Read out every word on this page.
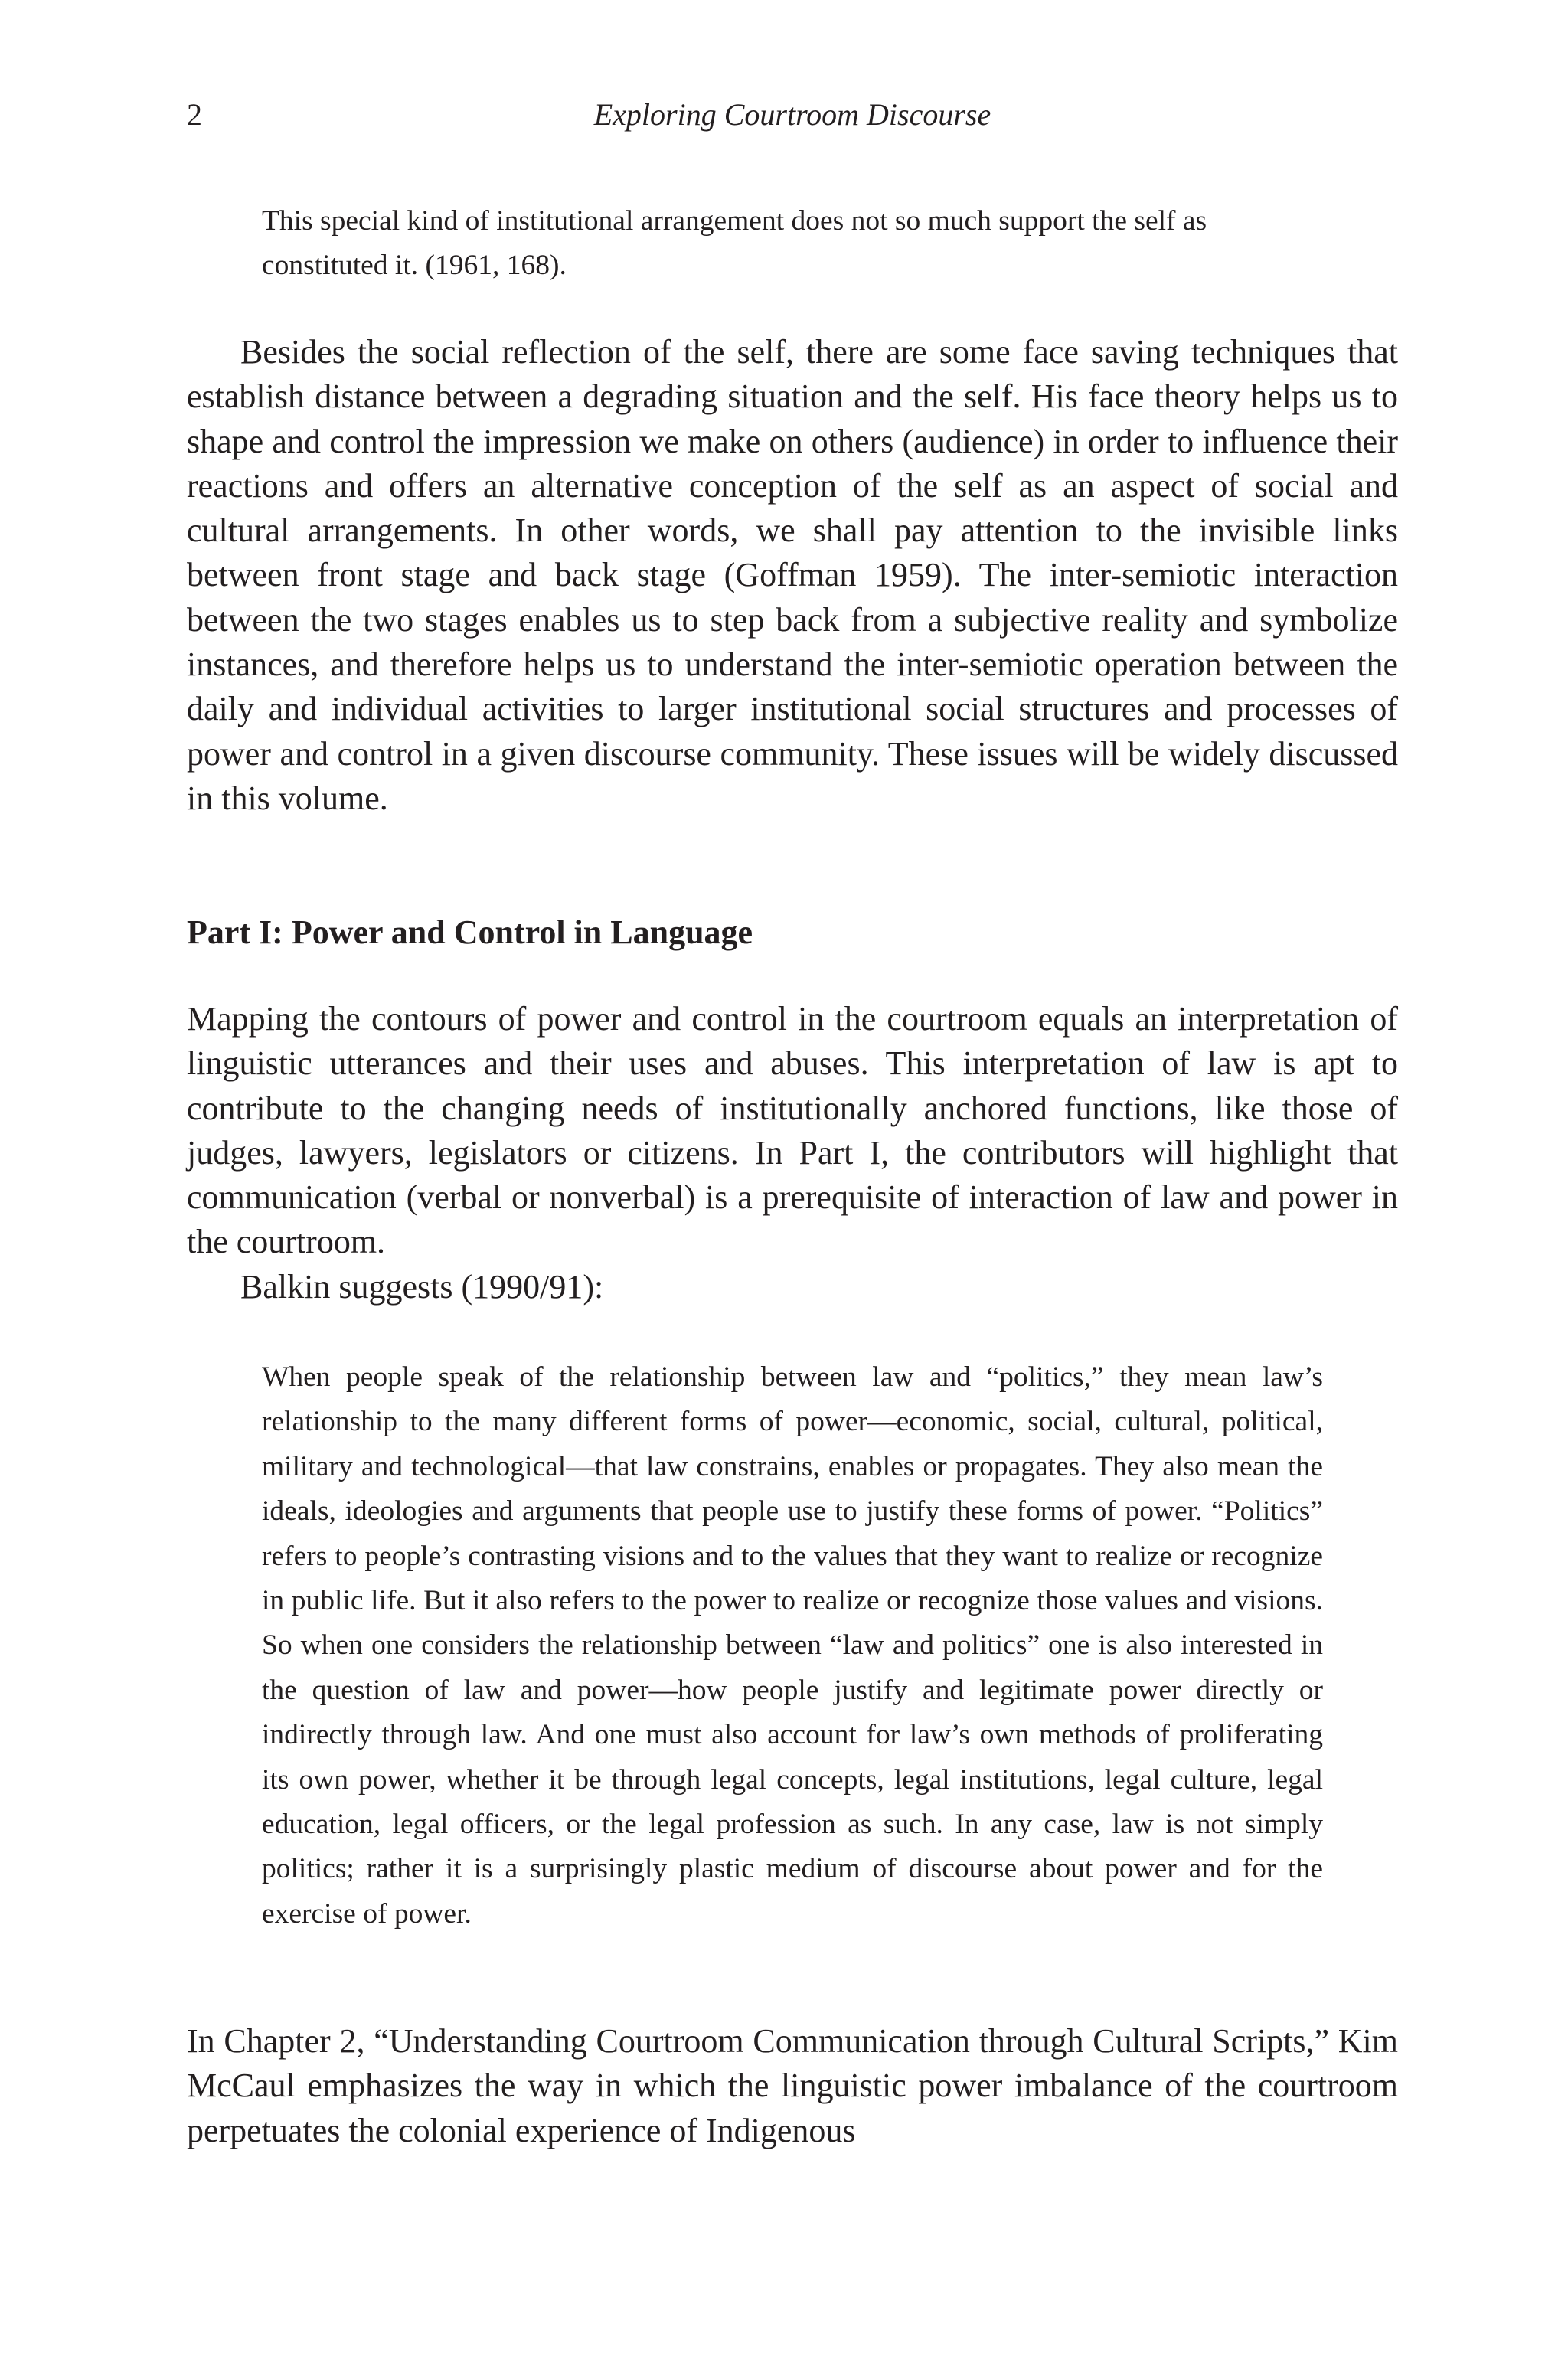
2	Exploring Courtroom Discourse

This special kind of institutional arrangement does not so much support the self as constituted it. (1961, 168).

Besides the social reflection of the self, there are some face saving techniques that establish distance between a degrading situation and the self. His face theory helps us to shape and control the impression we make on others (audience) in order to influence their reactions and offers an alternative conception of the self as an aspect of social and cultural arrangements. In other words, we shall pay attention to the invisible links between front stage and back stage (Goffman 1959). The inter-semiotic interaction between the two stages enables us to step back from a subjective reality and symbolize instances, and therefore helps us to understand the inter-semiotic operation between the daily and individual activities to larger institutional social structures and processes of power and control in a given discourse community. These issues will be widely discussed in this volume.

Part I: Power and Control in Language

Mapping the contours of power and control in the courtroom equals an interpretation of linguistic utterances and their uses and abuses. This interpretation of law is apt to contribute to the changing needs of institutionally anchored functions, like those of judges, lawyers, legislators or citizens. In Part I, the contributors will highlight that communication (verbal or nonverbal) is a prerequisite of interaction of law and power in the courtroom.

Balkin suggests (1990/91):

When people speak of the relationship between law and “politics,” they mean law’s relationship to the many different forms of power—economic, social, cultural, political, military and technological—that law constrains, enables or propagates. They also mean the ideals, ideologies and arguments that people use to justify these forms of power. “Politics” refers to people’s contrasting visions and to the values that they want to realize or recognize in public life. But it also refers to the power to realize or recognize those values and visions. So when one considers the relationship between “law and politics” one is also interested in the question of law and power—how people justify and legitimate power directly or indirectly through law. And one must also account for law’s own methods of proliferating its own power, whether it be through legal concepts, legal institutions, legal culture, legal education, legal officers, or the legal profession as such. In any case, law is not simply politics; rather it is a surprisingly plastic medium of discourse about power and for the exercise of power.

In Chapter 2, “Understanding Courtroom Communication through Cultural Scripts,” Kim McCaul emphasizes the way in which the linguistic power imbalance of the courtroom perpetuates the colonial experience of Indigenous
